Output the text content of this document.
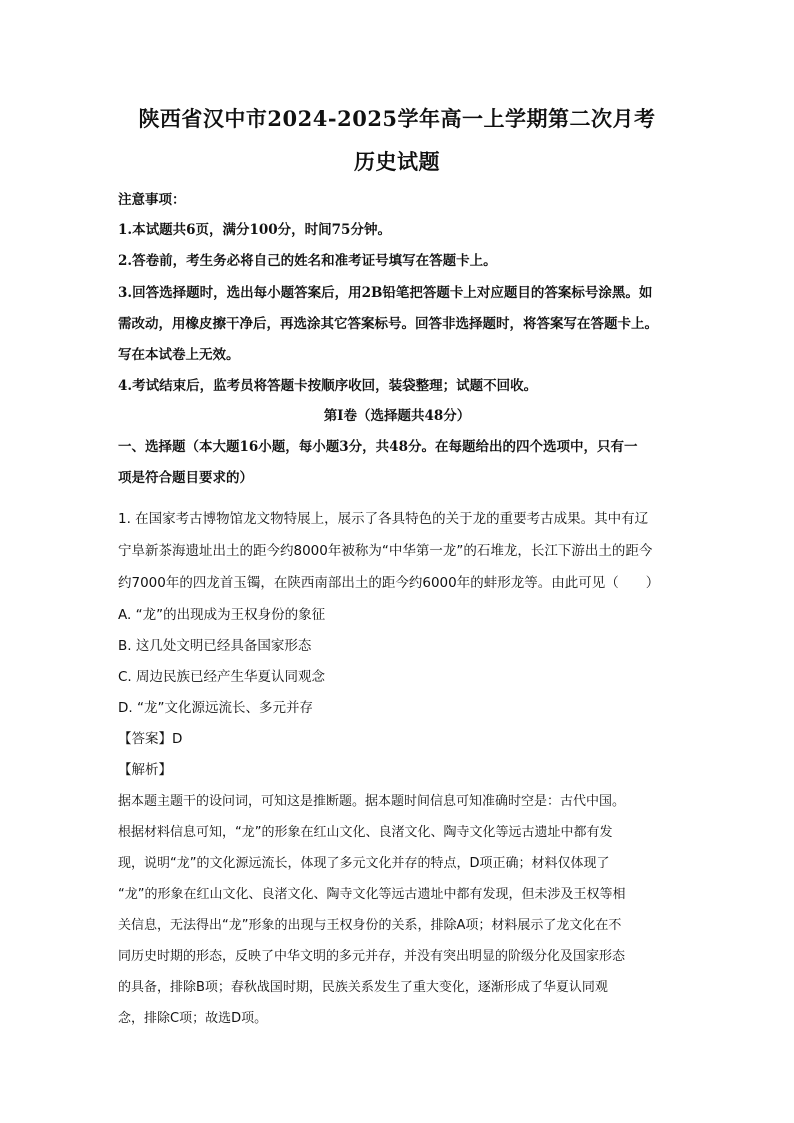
陕西省汉中市2024-2025学年高一上学期第二次月考
历史试题
注意事项：
1.本试题共6页，满分100分，时间75分钟。
2.答卷前，考生务必将自己的姓名和准考证号填写在答题卡上。
3.回答选择题时，选出每小题答案后，用2B铅笔把答题卡上对应题目的答案标号涂黑。如
需改动，用橡皮擦干净后，再选涂其它答案标号。回答非选择题时，将答案写在答题卡上。
写在本试卷上无效。
4.考试结束后，监考员将答题卡按顺序收回，装袋整理；试题不回收。
第Ⅰ卷（选择题共48分）
一、选择题（本大题16小题，每小题3分，共48分。在每题给出的四个选项中，只有一
项是符合题目要求的）
1. 在国家考古博物馆龙文物特展上，展示了各具特色的关于龙的重要考古成果。其中有辽
宁阜新茶海遗址出土的距今约8000年被称为“中华第一龙”的石堆龙，长江下游出土的距今
约7000年的四龙首玉镯，在陕西南部出土的距今约6000年的蚌形龙等。由此可见（　　）
A. “龙”的出现成为王权身份的象征
B. 这几处文明已经具备国家形态
C. 周边民族已经产生华夏认同观念
D. “龙”文化源远流长、多元并存
【答案】D
【解析】
据本题主题干的设问词，可知这是推断题。据本题时间信息可知准确时空是：古代中国。
根据材料信息可知，“龙”的形象在红山文化、良渚文化、陶寺文化等远古遗址中都有发
现，说明“龙”的文化源远流长，体现了多元文化并存的特点，D项正确；材料仅体现了
“龙”的形象在红山文化、良渚文化、陶寺文化等远古遗址中都有发现，但未涉及王权等相
关信息，无法得出“龙”形象的出现与王权身份的关系，排除A项；材料展示了龙文化在不
同历史时期的形态，反映了中华文明的多元并存，并没有突出明显的阶级分化及国家形态
的具备，排除B项；春秋战国时期，民族关系发生了重大变化，逐渐形成了华夏认同观
念，排除C项；故选D项。
